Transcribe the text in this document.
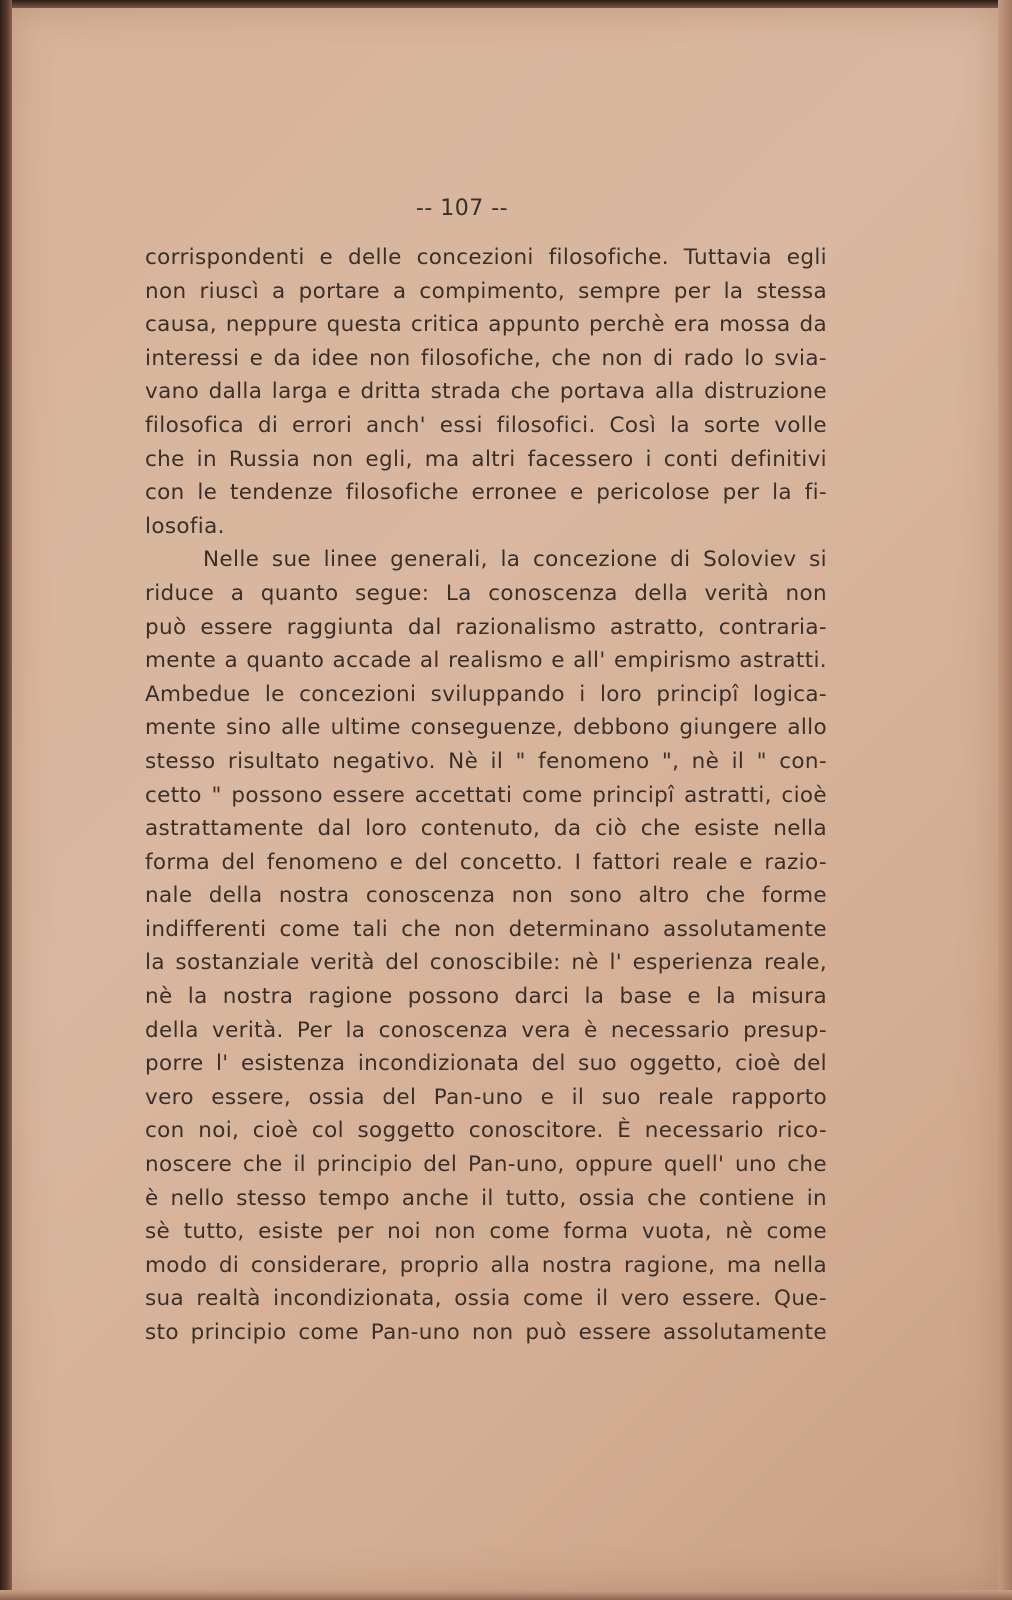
-- 107 --
corrispondenti e delle concezioni filosofiche. Tuttavia egli
non riuscì a portare a compimento, sempre per la stessa
causa, neppure questa critica appunto perchè era mossa da
interessi e da idee non filosofiche, che non di rado lo svia-
vano dalla larga e dritta strada che portava alla distruzione
filosofica di errori anch' essi filosofici. Così la sorte volle
che in Russia non egli, ma altri facessero i conti definitivi
con le tendenze filosofiche erronee e pericolose per la fi-
losofia.
Nelle sue linee generali, la concezione di Soloviev si
riduce a quanto segue: La conoscenza della verità non
può essere raggiunta dal razionalismo astratto, contraria-
mente a quanto accade al realismo e all' empirismo astratti.
Ambedue le concezioni sviluppando i loro principî logica-
mente sino alle ultime conseguenze, debbono giungere allo
stesso risultato negativo. Nè il " fenomeno ", nè il " con-
cetto " possono essere accettati come principî astratti, cioè
astrattamente dal loro contenuto, da ciò che esiste nella
forma del fenomeno e del concetto. I fattori reale e razio-
nale della nostra conoscenza non sono altro che forme
indifferenti come tali che non determinano assolutamente
la sostanziale verità del conoscibile: nè l' esperienza reale,
nè la nostra ragione possono darci la base e la misura
della verità. Per la conoscenza vera è necessario presup-
porre l' esistenza incondizionata del suo oggetto, cioè del
vero essere, ossia del Pan-uno e il suo reale rapporto
con noi, cioè col soggetto conoscitore. È necessario rico-
noscere che il principio del Pan-uno, oppure quell' uno che
è nello stesso tempo anche il tutto, ossia che contiene in
sè tutto, esiste per noi non come forma vuota, nè come
modo di considerare, proprio alla nostra ragione, ma nella
sua realtà incondizionata, ossia come il vero essere. Que-
sto principio come Pan-uno non può essere assolutamente
